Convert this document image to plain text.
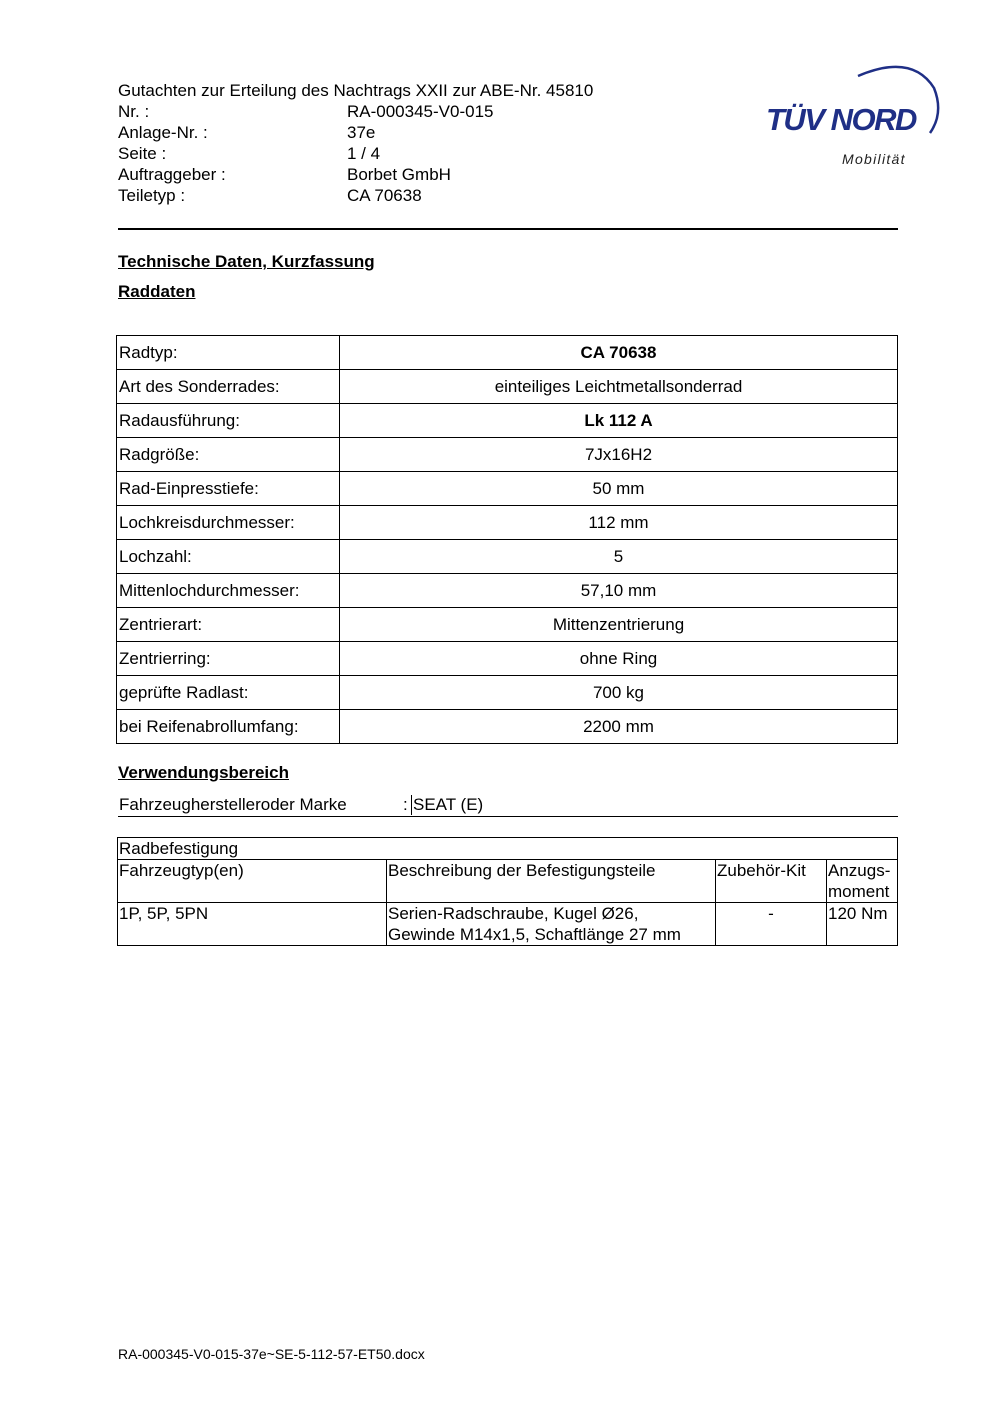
Gutachten zur Erteilung des Nachtrags XXII zur ABE-Nr. 45810
Nr. :	RA-000345-V0-015
Anlage-Nr. :	37e
Seite :	1 / 4
Auftraggeber :	Borbet GmbH
Teiletyp :	CA 70638
TÜV NORD
Mobilität
Technische Daten, Kurzfassung
Raddaten
Radtyp:	CA 70638
Art des Sonderrades:	einteiliges Leichtmetallsonderrad
Radausführung:	Lk 112 A
Radgröße:	7Jx16H2
Rad-Einpresstiefe:	50 mm
Lochkreisdurchmesser:	112 mm
Lochzahl:	5
Mittenlochdurchmesser:	57,10 mm
Zentrierart:	Mittenzentrierung
Zentrierring:	ohne Ring
geprüfte Radlast:	700 kg
bei Reifenabrollumfang:	2200 mm
Verwendungsbereich
Fahrzeugherstelleroder Marke	: SEAT (E)
Radbefestigung			
Fahrzeugtyp(en)	Beschreibung der Befestigungsteile	Zubehör-Kit	Anzugs-
moment

1P, 5P, 5PN	Serien-Radschraube, Kugel Ø26,
Gewinde M14x1,5, Schaftlänge 27 mm	-	120 Nm
RA-000345-V0-015-37e~SE-5-112-57-ET50.docx
